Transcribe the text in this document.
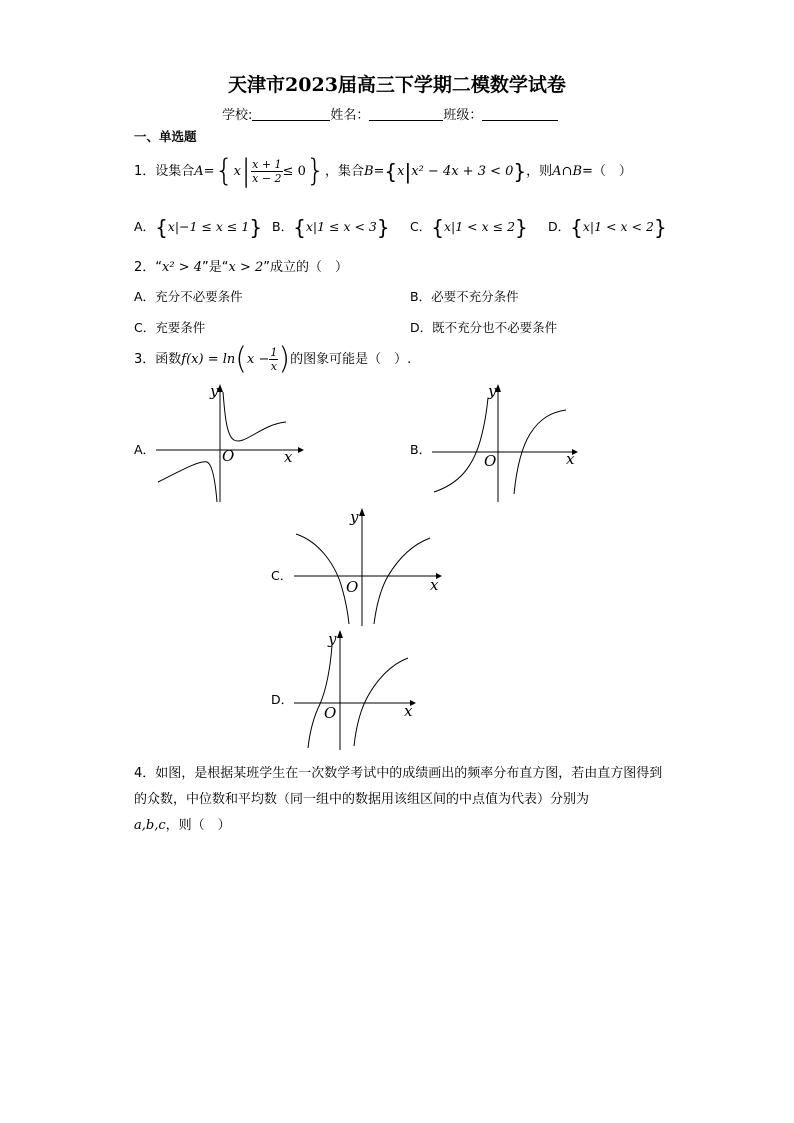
天津市2023届高三下学期二模数学试卷
学校:	姓名：	班级：
一、单选题
1．设集合$A=\{x| \frac{x + 1}{x - 2} \le 0\}$，集合B={x|x² − 4x + 3 < 0}，则A∩B=（　）
A．{x|−1 ≤ x ≤ 1} B．{x|1 ≤ x < 3} C．{x|1 < x ≤ 2} D．{x|1 < x < 2}
2．“x² > 4”是“x > 2”成立的（　）
A．充分不必要条件	B．必要不充分条件
C．充要条件	D．既不充分也不必要条件
3．函数$f(x) = \ln(x - \frac{1}{x}$ )的图象可能是（　）.
A．	B．
C．
D．
y
x
O
y
x
O
y
x
O
y
x
O
4．如图，是根据某班学生在一次数学考试中的成绩画出的频率分布直方图，若由直方图得到的众数，中位数和平均数（同一组中的数据用该组区间的中点值为代表）分别为
a,b,c，则（　）
